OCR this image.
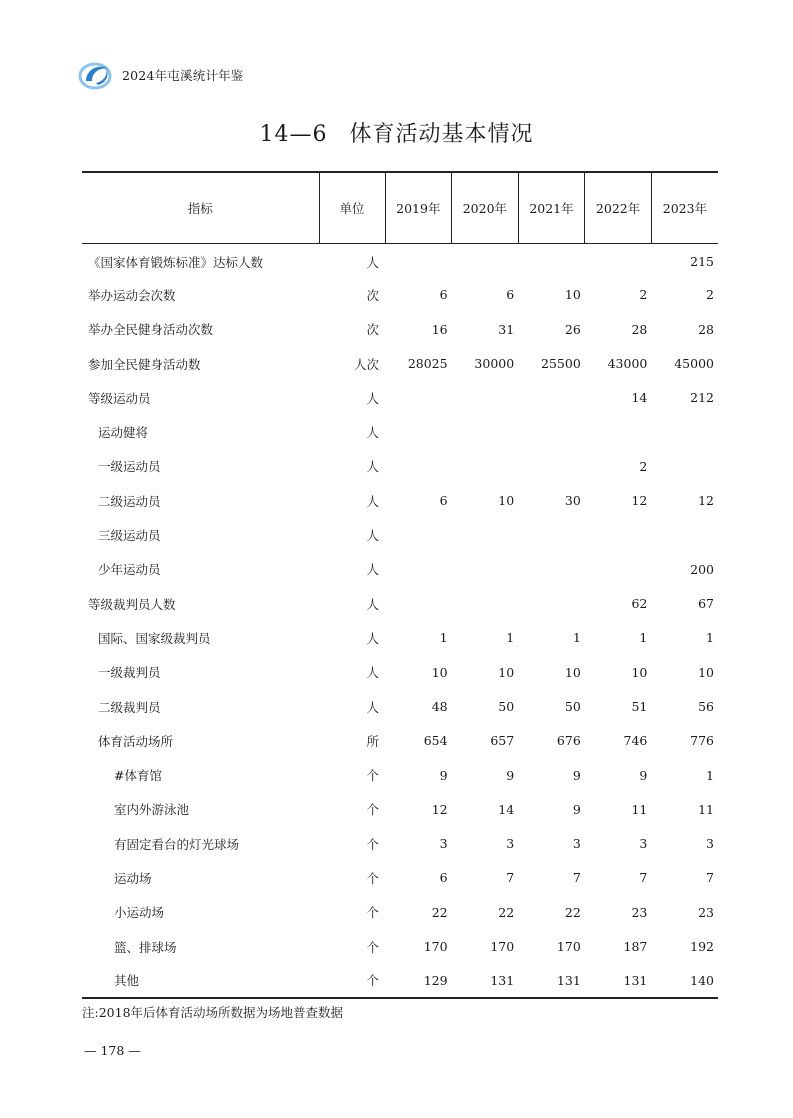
2024年屯溪统计年鉴
14—6 体育活动基本情况
指标	单位	2019年	2020年	2021年	2022年	2023年
《国家体育锻炼标准》达标人数	人					215
举办运动会次数	次	6	6	10	2	2
举办全民健身活动次数	次	16	31	26	28	28
参加全民健身活动数	人次	28025	30000	25500	43000	45000
等级运动员	人				14	212
运动健将	人					
一级运动员	人				2	
二级运动员	人	6	10	30	12	12
三级运动员	人					
少年运动员	人					200
等级裁判员人数	人				62	67
国际、国家级裁判员	人	1	1	1	1	1
一级裁判员	人	10	10	10	10	10
二级裁判员	人	48	50	50	51	56
体育活动场所	所	654	657	676	746	776
#体育馆	个	9	9	9	9	1
室内外游泳池	个	12	14	9	11	11
有固定看台的灯光球场	个	3	3	3	3	3
运动场	个	6	7	7	7	7
小运动场	个	22	22	22	23	23
篮、排球场	个	170	170	170	187	192
其他	个	129	131	131	131	140
注:2018年后体育活动场所数据为场地普查数据
— 178 —
